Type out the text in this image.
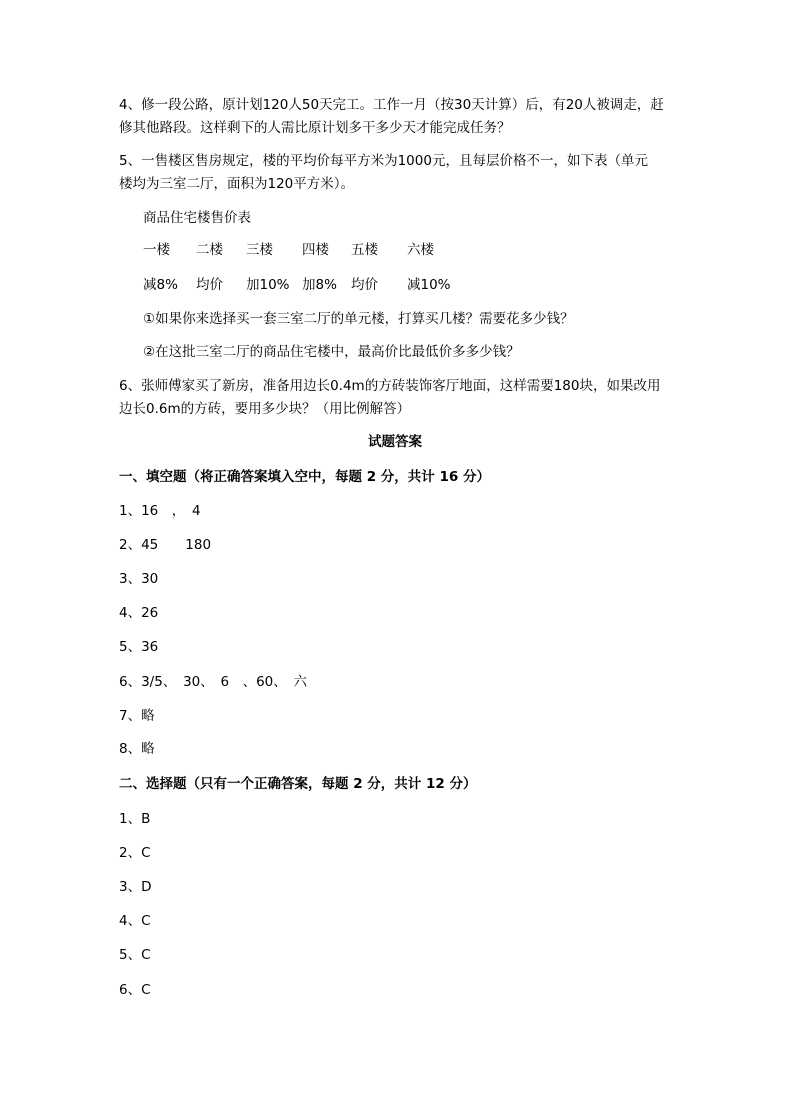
4、修一段公路，原计划120人50天完工。工作一月（按30天计算）后，有20人被调走，赶
修其他路段。这样剩下的人需比原计划多干多少天才能完成任务？
5、一售楼区售房规定，楼的平均价每平方米为1000元，且每层价格不一，如下表（单元
楼均为三室二厅，面积为120平方米）。
商品住宅楼售价表
一楼 二楼 三楼 四楼 五楼 六楼
减8% 均价 加10% 加8% 均价 减10%
①如果你来选择买一套三室二厅的单元楼，打算买几楼？需要花多少钱？
②在这批三室二厅的商品住宅楼中，最高价比最低价多多少钱？
6、张师傅家买了新房，准备用边长0.4m的方砖装饰客厅地面，这样需要180块，如果改用
边长0.6m的方砖，要用多少块？（用比例解答）
试题答案
一、填空题（将正确答案填入空中，每题 2 分，共计 16 分）
1、16　，　4
2、45　　180
3、30
4、26
5、36
6、3/5、　30、　6　、60、　六
7、略
8、略
二、选择题（只有一个正确答案，每题 2 分，共计 12 分）
1、B
2、C
3、D
4、C
5、C
6、C
